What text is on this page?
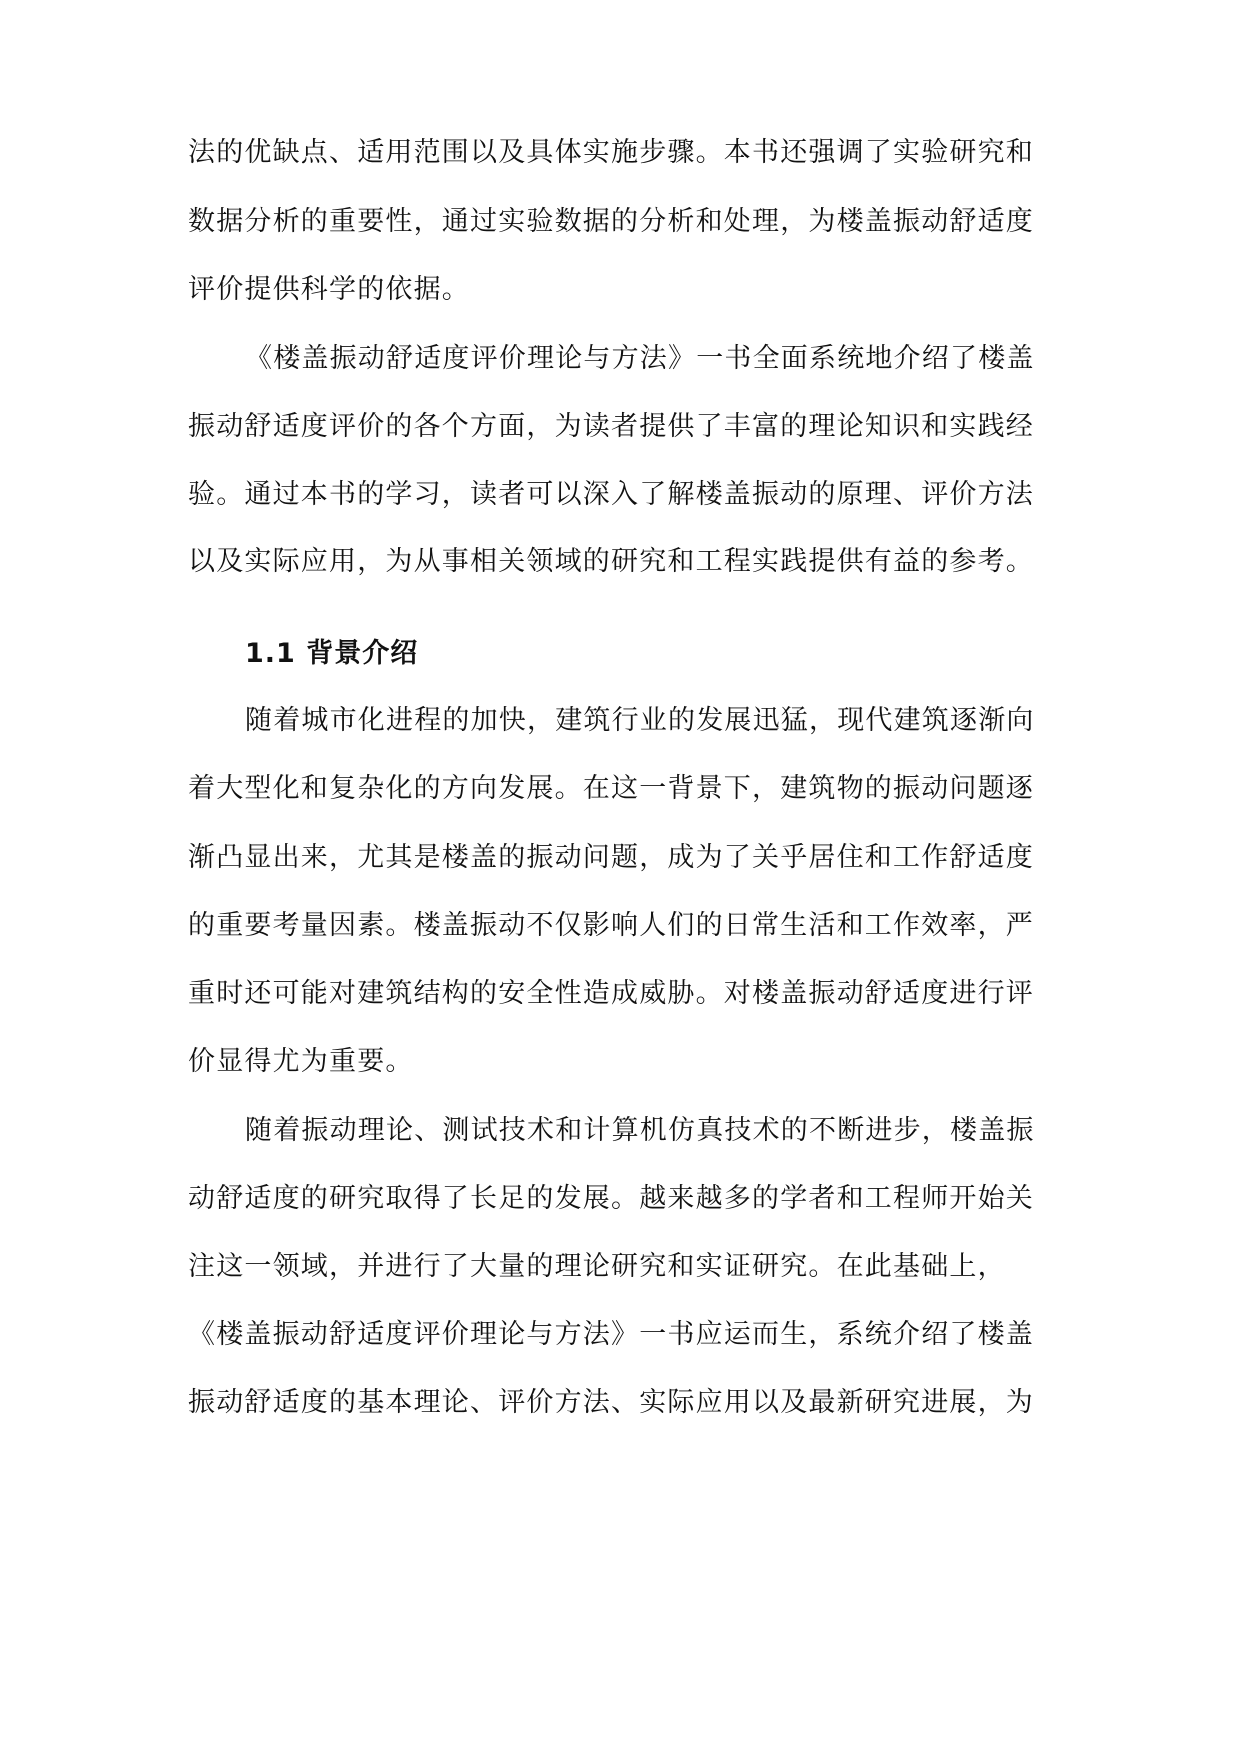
法的优缺点、适用范围以及具体实施步骤。本书还强调了实验研究和
数据分析的重要性，通过实验数据的分析和处理，为楼盖振动舒适度
评价提供科学的依据。
《楼盖振动舒适度评价理论与方法》一书全面系统地介绍了楼盖
振动舒适度评价的各个方面，为读者提供了丰富的理论知识和实践经
验。通过本书的学习，读者可以深入了解楼盖振动的原理、评价方法
以及实际应用，为从事相关领域的研究和工程实践提供有益的参考。
1.1 背景介绍
随着城市化进程的加快，建筑行业的发展迅猛，现代建筑逐渐向
着大型化和复杂化的方向发展。在这一背景下，建筑物的振动问题逐
渐凸显出来，尤其是楼盖的振动问题，成为了关乎居住和工作舒适度
的重要考量因素。楼盖振动不仅影响人们的日常生活和工作效率，严
重时还可能对建筑结构的安全性造成威胁。对楼盖振动舒适度进行评
价显得尤为重要。
随着振动理论、测试技术和计算机仿真技术的不断进步，楼盖振
动舒适度的研究取得了长足的发展。越来越多的学者和工程师开始关
注这一领域，并进行了大量的理论研究和实证研究。在此基础上，
《楼盖振动舒适度评价理论与方法》一书应运而生，系统介绍了楼盖
振动舒适度的基本理论、评价方法、实际应用以及最新研究进展，为
